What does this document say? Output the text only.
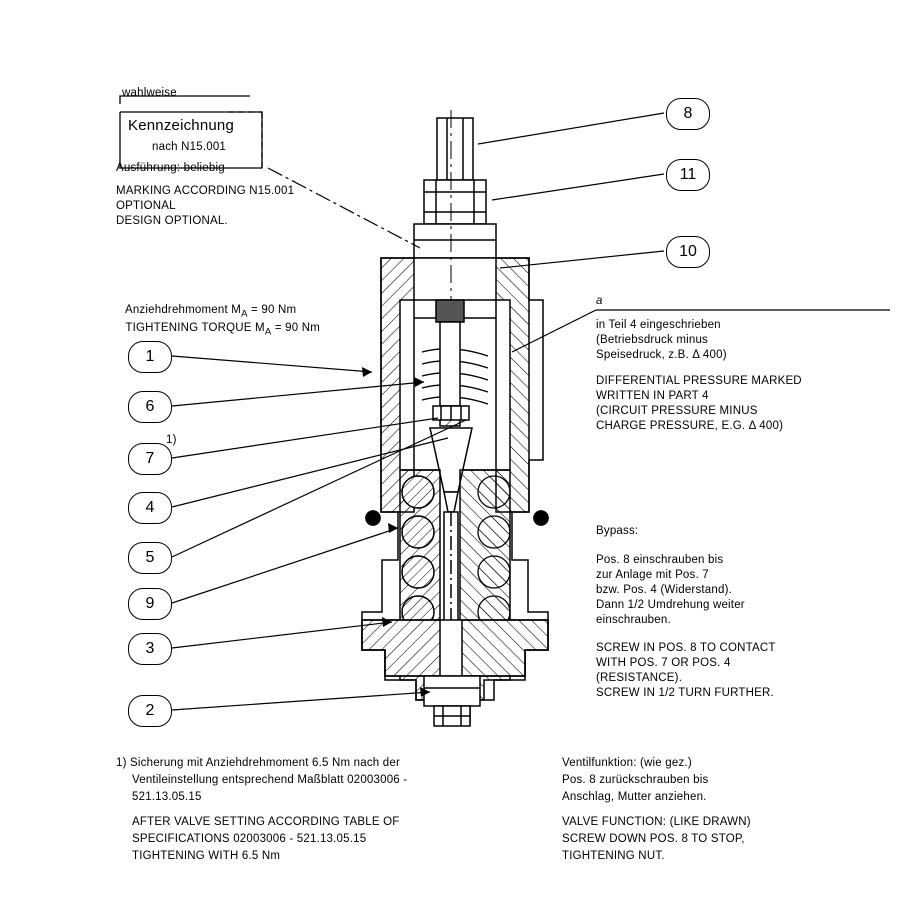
8
11
10
1
6
7
4
5
9
3
2
wahlweise
Kennzeichnung
nach N15.001
Ausführung: beliebig
MARKING ACCORDING N15.001
OPTIONAL
DESIGN OPTIONAL.

Anziehdrehmoment $M_A = 90$ Nm

TIGHTENING TORQUE $M_A = 90$ Nm

1)
a
in Teil 4 eingeschrieben
(Betriebsdruck minus
Speisedruck, z.B. Δ 400)
DIFFERENTIAL PRESSURE MARKED
WRITTEN IN PART 4
(CIRCUIT PRESSURE MINUS
CHARGE PRESSURE, E.G. Δ 400)
Bypass:
Pos. 8 einschrauben bis
zur Anlage mit Pos. 7
bzw. Pos. 4 (Widerstand).
Dann 1/2 Umdrehung weiter
einschrauben.
SCREW IN POS. 8 TO CONTACT
WITH POS. 7 OR POS. 4
(RESISTANCE).
SCREW IN 1/2 TURN FURTHER.
1) Sicherung mit Anziehdrehmoment 6.5 Nm nach der
Ventileinstellung entsprechend Maßblatt 02003006 -
521.13.05.15
AFTER VALVE SETTING ACCORDING TABLE OF
SPECIFICATIONS 02003006 - 521.13.05.15
TIGHTENING WITH 6.5 Nm
Ventilfunktion: (wie gez.)
Pos. 8 zurückschrauben bis
Anschlag, Mutter anziehen.
VALVE FUNCTION: (LIKE DRAWN)
SCREW DOWN POS. 8 TO STOP,
TIGHTENING NUT.
